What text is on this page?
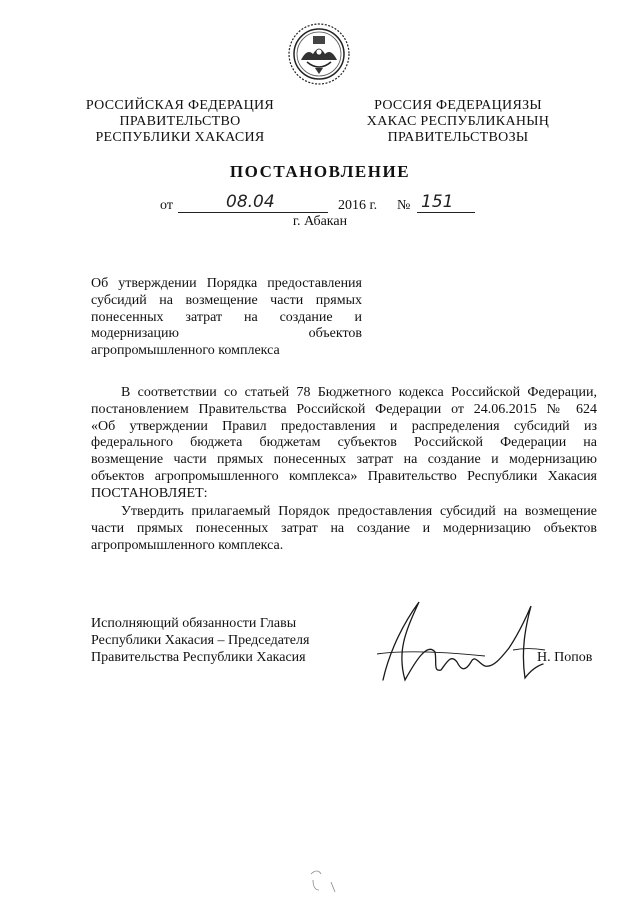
РОССИЙСКАЯ ФЕДЕРАЦИЯ
ПРАВИТЕЛЬСТВО
РЕСПУБЛИКИ ХАКАСИЯ
РОССИЯ ФЕДЕРАЦИЯЗЫ
ХАКАС РЕСПУБЛИКАНЫҢ
ПРАВИТЕЛЬСТВОЗЫ
ПОСТАНОВЛЕНИЕ
от	08.04	2016 г. № 151
г. Абакан
Об утверждении Порядка предоставления
субсидий на возмещение части прямых
понесенных затрат на создание и
модернизацию объектов
агропромышленного комплекса
В соответствии со статьей 78 Бюджетного кодекса Российской Федерации,
постановлением Правительства Российской Федерации от 24.06.2015 № 624
«Об утверждении Правил предоставления и распределения субсидий из
федерального бюджета бюджетам субъектов Российской Федерации на
возмещение части прямых понесенных затрат на создание и модернизацию
объектов агропромышленного комплекса» Правительство Республики Хакасия
ПОСТАНОВЛЯЕТ:
Утвердить прилагаемый Порядок предоставления субсидий на возмещение
части прямых понесенных затрат на создание и модернизацию объектов
агропромышленного комплекса.
Исполняющий обязанности Главы
Республики Хакасия – Председателя
Правительства Республики Хакасия	Н. Попов
